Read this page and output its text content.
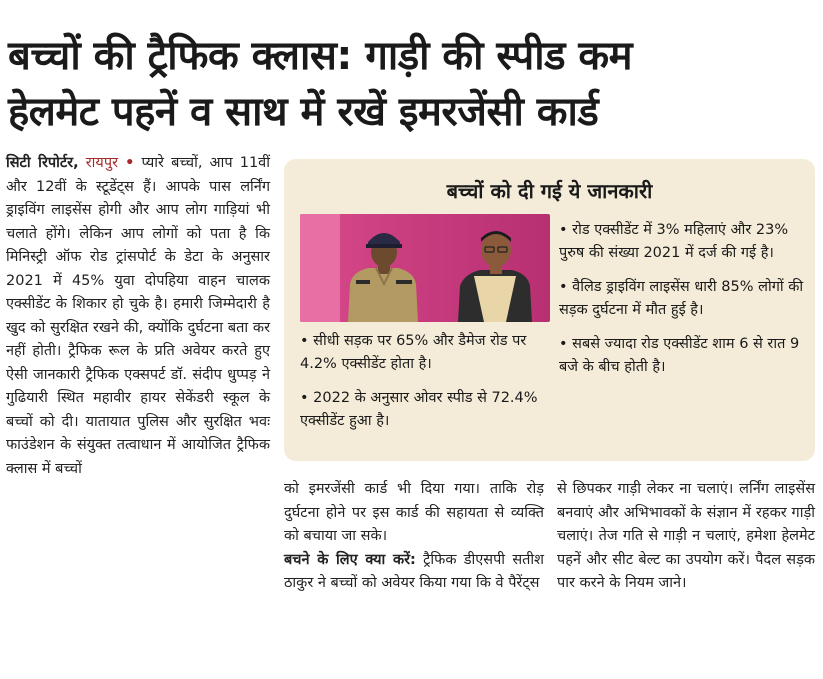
बच्चों की ट्रैफिक क्लास: गाड़ी की स्पीड कम
हेलमेट पहनें व साथ में रखें इमरजेंसी कार्ड
सिटी रिपोर्टर, रायपुर • प्यारे बच्चों, आप 11वीं और 12वीं के स्टूडेंट्स हैं। आपके पास लर्निंग ड्राइविंग लाइसेंस होगी और आप लोग गाड़ियां भी चलाते होंगे। लेकिन आप लोगों को पता है कि मिनिस्ट्री ऑफ रोड ट्रांसपोर्ट के डेटा के अनुसार 2021 में 45% युवा दोपहिया वाहन चालक एक्सीडेंट के शिकार हो चुके है। हमारी जिम्मेदारी है खुद को सुरक्षित रखने की, क्योंकि दुर्घटना बता कर नहीं होती। ट्रैफिक रूल के प्रति अवेयर करते हुए ऐसी जानकारी ट्रैफिक एक्सपर्ट डॉ. संदीप धुप्पड़ ने गुढियारी स्थित महावीर हायर सेकेंडरी स्कूल के बच्चों को दी। यातायात पुलिस और सुरक्षित भवः फाउंडेशन के संयुक्त तत्वाधान में आयोजित ट्रैफिक क्लास में बच्चों
बच्चों को दी गई ये जानकारी
• सीधी सड़क पर 65% और डैमेज रोड पर 4.2% एक्सीडेंट होता है।
• 2022 के अनुसार ओवर स्पीड से 72.4% एक्सीडेंट हुआ है।
• रोड एक्सीडेंट में 3% महिलाएं और 23% पुरुष की संख्या 2021 में दर्ज की गई है।
• वैलिड ड्राइविंग लाइसेंस धारी 85% लोगों की सड़क दुर्घटना में मौत हुई है।
• सबसे ज्यादा रोड एक्सीडेंट शाम 6 से रात 9 बजे के बीच होती है।
को इमरजेंसी कार्ड भी दिया गया। ताकि रोड़ दुर्घटना होने पर इस कार्ड की सहायता से व्यक्ति को बचाया जा सके।
बचने के लिए क्या करें: ट्रैफिक डीएसपी सतीश ठाकुर ने बच्चों को अवेयर किया गया कि वे पैरेंट्स
से छिपकर गाड़ी लेकर ना चलाएं। लर्निंग लाइसेंस बनवाएं और अभिभावकों के संज्ञान में रहकर गाड़ी चलाएं। तेज गति से गाड़ी न चलाएं, हमेशा हेलमेट पहनें और सीट बेल्ट का उपयोग करें। पैदल सड़क पार करने के नियम जाने।
